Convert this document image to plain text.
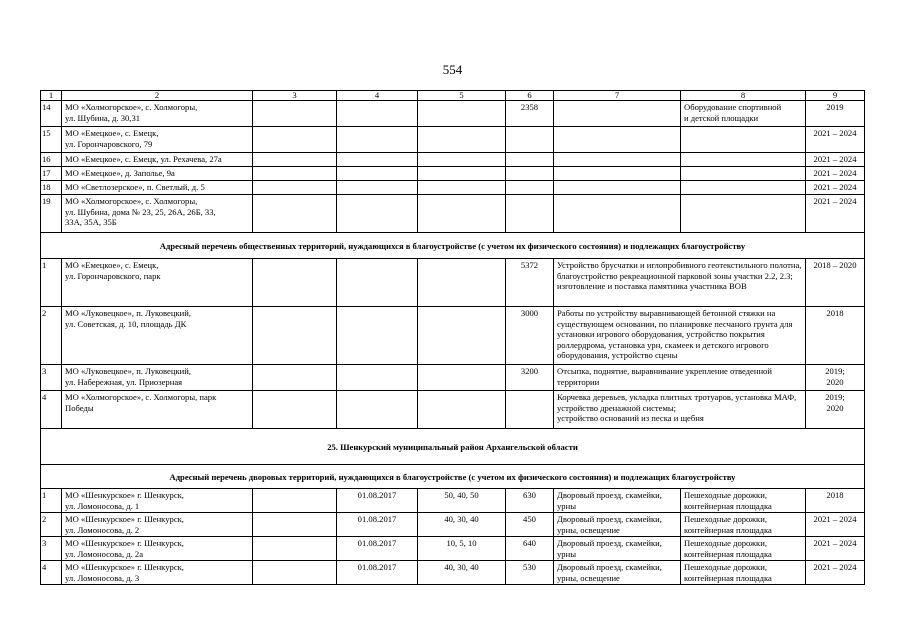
554
1	2	3	4	5	6	7	8	9
14	МО «Холмогорское», с. Холмогоры,
ул. Шубина, д. 30,31				2358		Оборудование спортивной
и детской площадки	2019
15	МО «Емецкое», с. Емецк,
ул. Горончаровского, 79							2021 – 2024
16	МО «Емецкое», с. Емецк, ул. Рехачева, 27а							2021 – 2024
17	МО «Емецкое», д. Заполье, 9а							2021 – 2024
18	МО «Светлозерское», п. Светлый, д. 5							2021 – 2024
19	МО «Холмогорское», с. Холмогоры,
ул. Шубина, дома № 23, 25, 26А, 26Б, 33,
33А, 35А, 35Б							2021 – 2024
Адресный перечень общественных территорий, нуждающихся в благоустройстве (с учетом их физического состояния) и подлежащих благоустройству								
1	МО «Емецкое», с. Емецк,
ул. Горончаровского, парк				5372	Устройство брусчатки и иглопробивного геотекстильного полотна, благоустройство рекреационной парковой зоны участки 2.2, 2.3;
изготовление и поставка памятника участника ВОВ		2018 – 2020
2	МО «Луковецкое», п. Луковецкий,
ул. Советская, д. 10, площадь ДК				3000	Работы по устройству выравнивающей бетонной стяжки на существующем основании, по планировке песчаного грунта для установки игрового оборудования, устройство покрытия роллердрома, установка урн, скамеек и детского игрового оборудования, устройство сцены		2018
3	МО «Луковецкое», п. Луковецкий,
ул. Набережная, ул. Приозерная				3200	Отсыпка, поднятие, выравнивание укрепление отведенной территории		2019;
2020
4	МО «Холмогорское», с. Холмогоры, парк
Победы					Корчевка деревьев, укладка плитных тротуаров, установка МАФ, устройство дренажной системы;
устройство оснований из песка и щебня		2019;
2020
25. Шенкурский муниципальный район Архангельской области								
Адресный перечень дворовых территорий, нуждающихся в благоустройстве (с учетом их физического состояния) и подлежащих благоустройству								
1	МО «Шенкурское» г. Шенкурск,
ул. Ломоносова, д. 1		01.08.2017	50, 40, 50	630	Дворовый проезд, скамейки,
урны	Пешеходные дорожки,
контейнерная площадка	2018
2	МО «Шенкурское» г. Шенкурск,
ул. Ломоносова, д. 2		01.08.2017	40, 30, 40	450	Дворовый проезд, скамейки,
урны, освещение	Пешеходные дорожки,
контейнерная площадка	2021 – 2024
3	МО «Шенкурское» г. Шенкурск,
ул. Ломоносова, д. 2а		01.08.2017	10, 5, 10	640	Дворовый проезд, скамейки,
урны	Пешеходные дорожки,
контейнерная площадка	2021 – 2024
4	МО «Шенкурское» г. Шенкурск,
ул. Ломоносова, д. 3		01.08.2017	40, 30, 40	530	Дворовый проезд, скамейки,
урны, освещение	Пешеходные дорожки,
контейнерная площадка	2021 – 2024
